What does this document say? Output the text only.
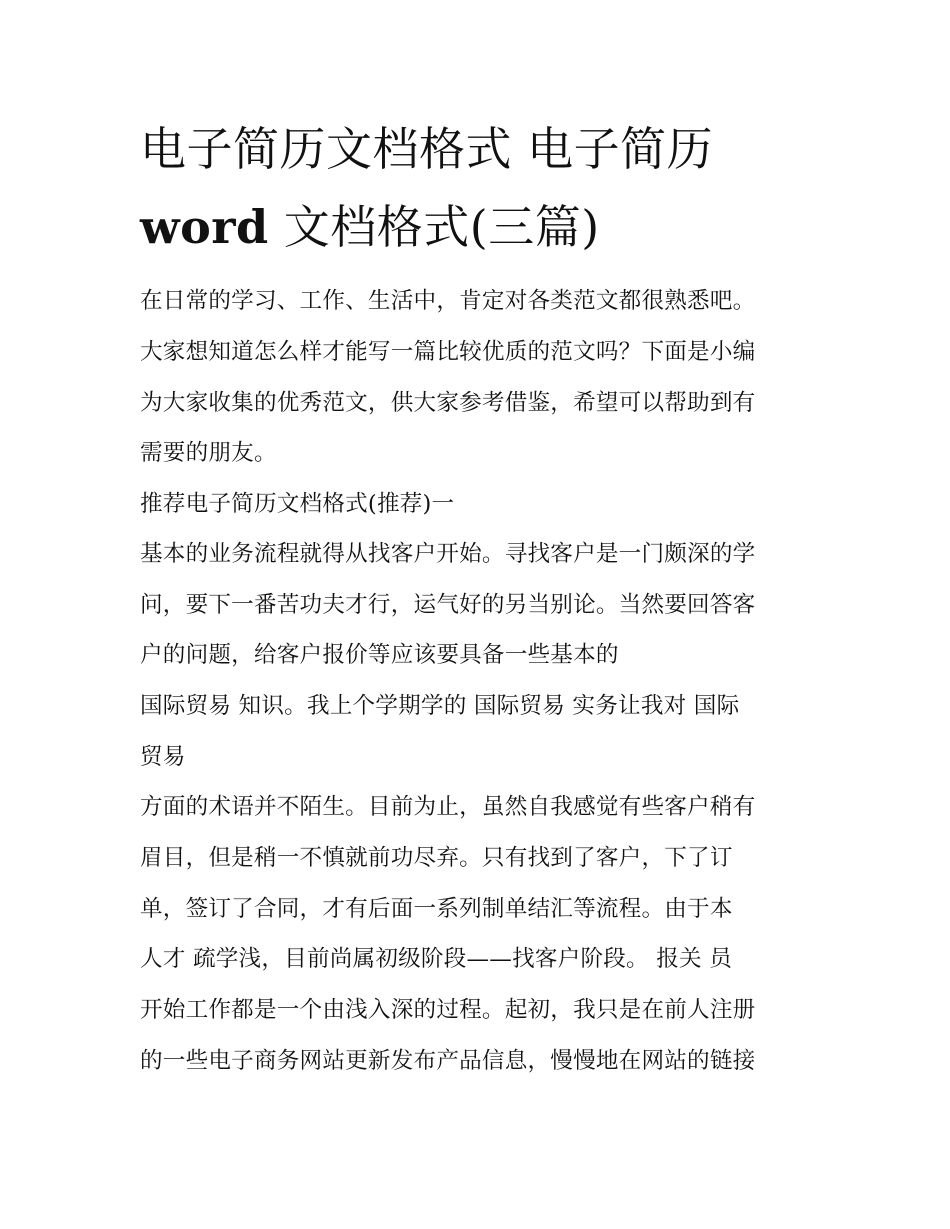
电子简历文档格式 电子简历
word 文档格式(三篇)
在日常的学习、工作、生活中，肯定对各类范文都很熟悉吧。
大家想知道怎么样才能写一篇比较优质的范文吗？下面是小编
为大家收集的优秀范文，供大家参考借鉴，希望可以帮助到有
需要的朋友。
推荐电子简历文档格式(推荐)一
基本的业务流程就得从找客户开始。寻找客户是一门颇深的学
问，要下一番苦功夫才行，运气好的另当别论。当然要回答客
户的问题，给客户报价等应该要具备一些基本的
国际贸易 知识。我上个学期学的 国际贸易 实务让我对 国际
贸易
方面的术语并不陌生。目前为止，虽然自我感觉有些客户稍有
眉目，但是稍一不慎就前功尽弃。只有找到了客户，下了订
单，签订了合同，才有后面一系列制单结汇等流程。由于本
人才 疏学浅，目前尚属初级阶段——找客户阶段。 报关 员
开始工作都是一个由浅入深的过程。起初，我只是在前人注册
的一些电子商务网站更新发布产品信息，慢慢地在网站的链接
